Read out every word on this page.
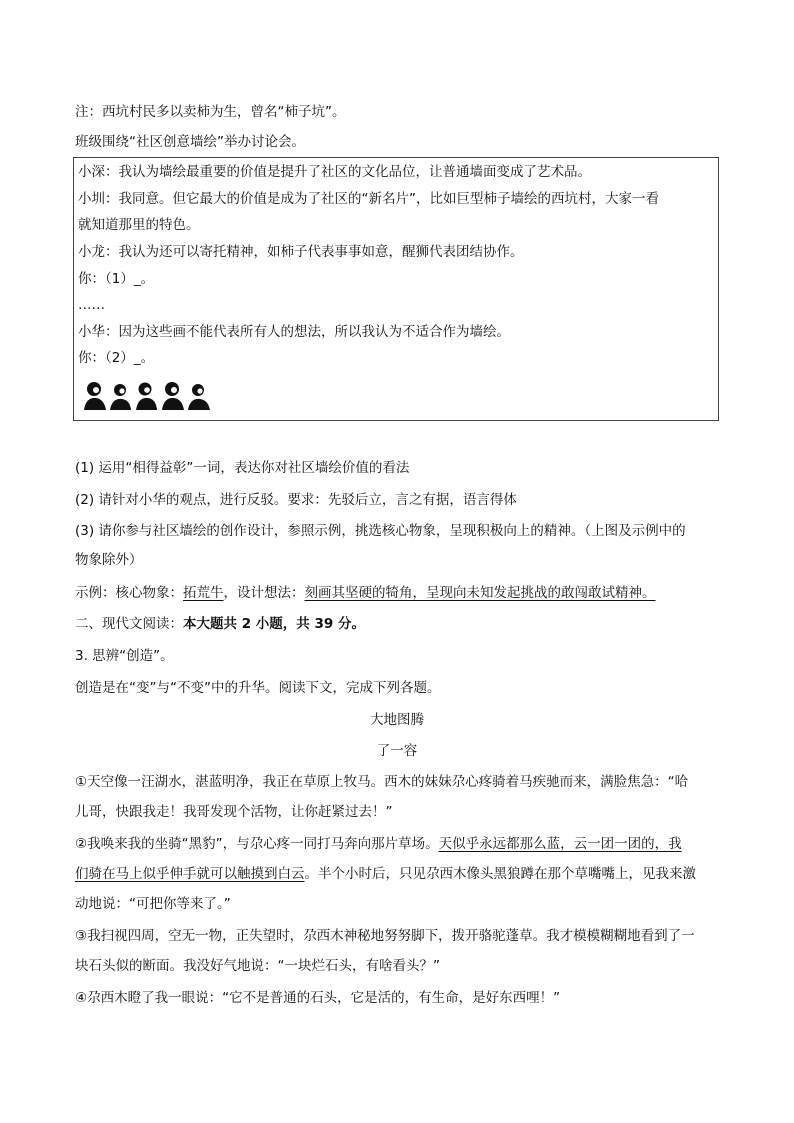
注：西坑村民多以卖柿为生，曾名“柿子坑”。
班级围绕“社区创意墙绘”举办讨论会。
小深：我认为墙绘最重要的价值是提升了社区的文化品位，让普通墙面变成了艺术品。
小圳：我同意。但它最大的价值是成为了社区的“新名片”，比如巨型柿子墙绘的西坑村，大家一看
就知道那里的特色。
小龙：我认为还可以寄托精神，如柿子代表事事如意，醒狮代表团结协作。
你：（1）_。
……
小华：因为这些画不能代表所有人的想法，所以我认为不适合作为墙绘。
你：（2）_。
(1) 运用“相得益彰”一词，表达你对社区墙绘价值的看法
(2) 请针对小华的观点，进行反驳。要求：先驳后立，言之有据，语言得体
(3) 请你参与社区墙绘的创作设计，参照示例，挑选核心物象，呈现积极向上的精神。（上图及示例中的
物象除外）
示例：核心物象：拓荒牛，设计想法：刻画其坚硬的犄角，呈现向未知发起挑战的敢闯敢试精神。
二、现代文阅读：本大题共 2 小题，共 39 分。
3. 思辨“创造”。
创造是在“变”与“不变”中的升华。阅读下文，完成下列各题。
大地图腾
了一容
①天空像一汪湖水，湛蓝明净，我正在草原上牧马。西木的妹妹尕心疼骑着马疾驰而来，满脸焦急：“哈
儿哥，快跟我走！我哥发现个活物，让你赶紧过去！”
②我唤来我的坐骑“黑豹”，与尕心疼一同打马奔向那片草场。天似乎永远都那么蓝，云一团一团的，我
们骑在马上似乎伸手就可以触摸到白云。半个小时后，只见尕西木像头黑狼蹲在那个草嘴嘴上，见我来激
动地说：“可把你等来了。”
③我扫视四周，空无一物，正失望时，尕西木神秘地努努脚下，拨开骆驼蓬草。我才模模糊糊地看到了一
块石头似的断面。我没好气地说：“一块烂石头，有啥看头？”
④尕西木瞪了我一眼说：“它不是普通的石头，它是活的，有生命，是好东西哩！”
